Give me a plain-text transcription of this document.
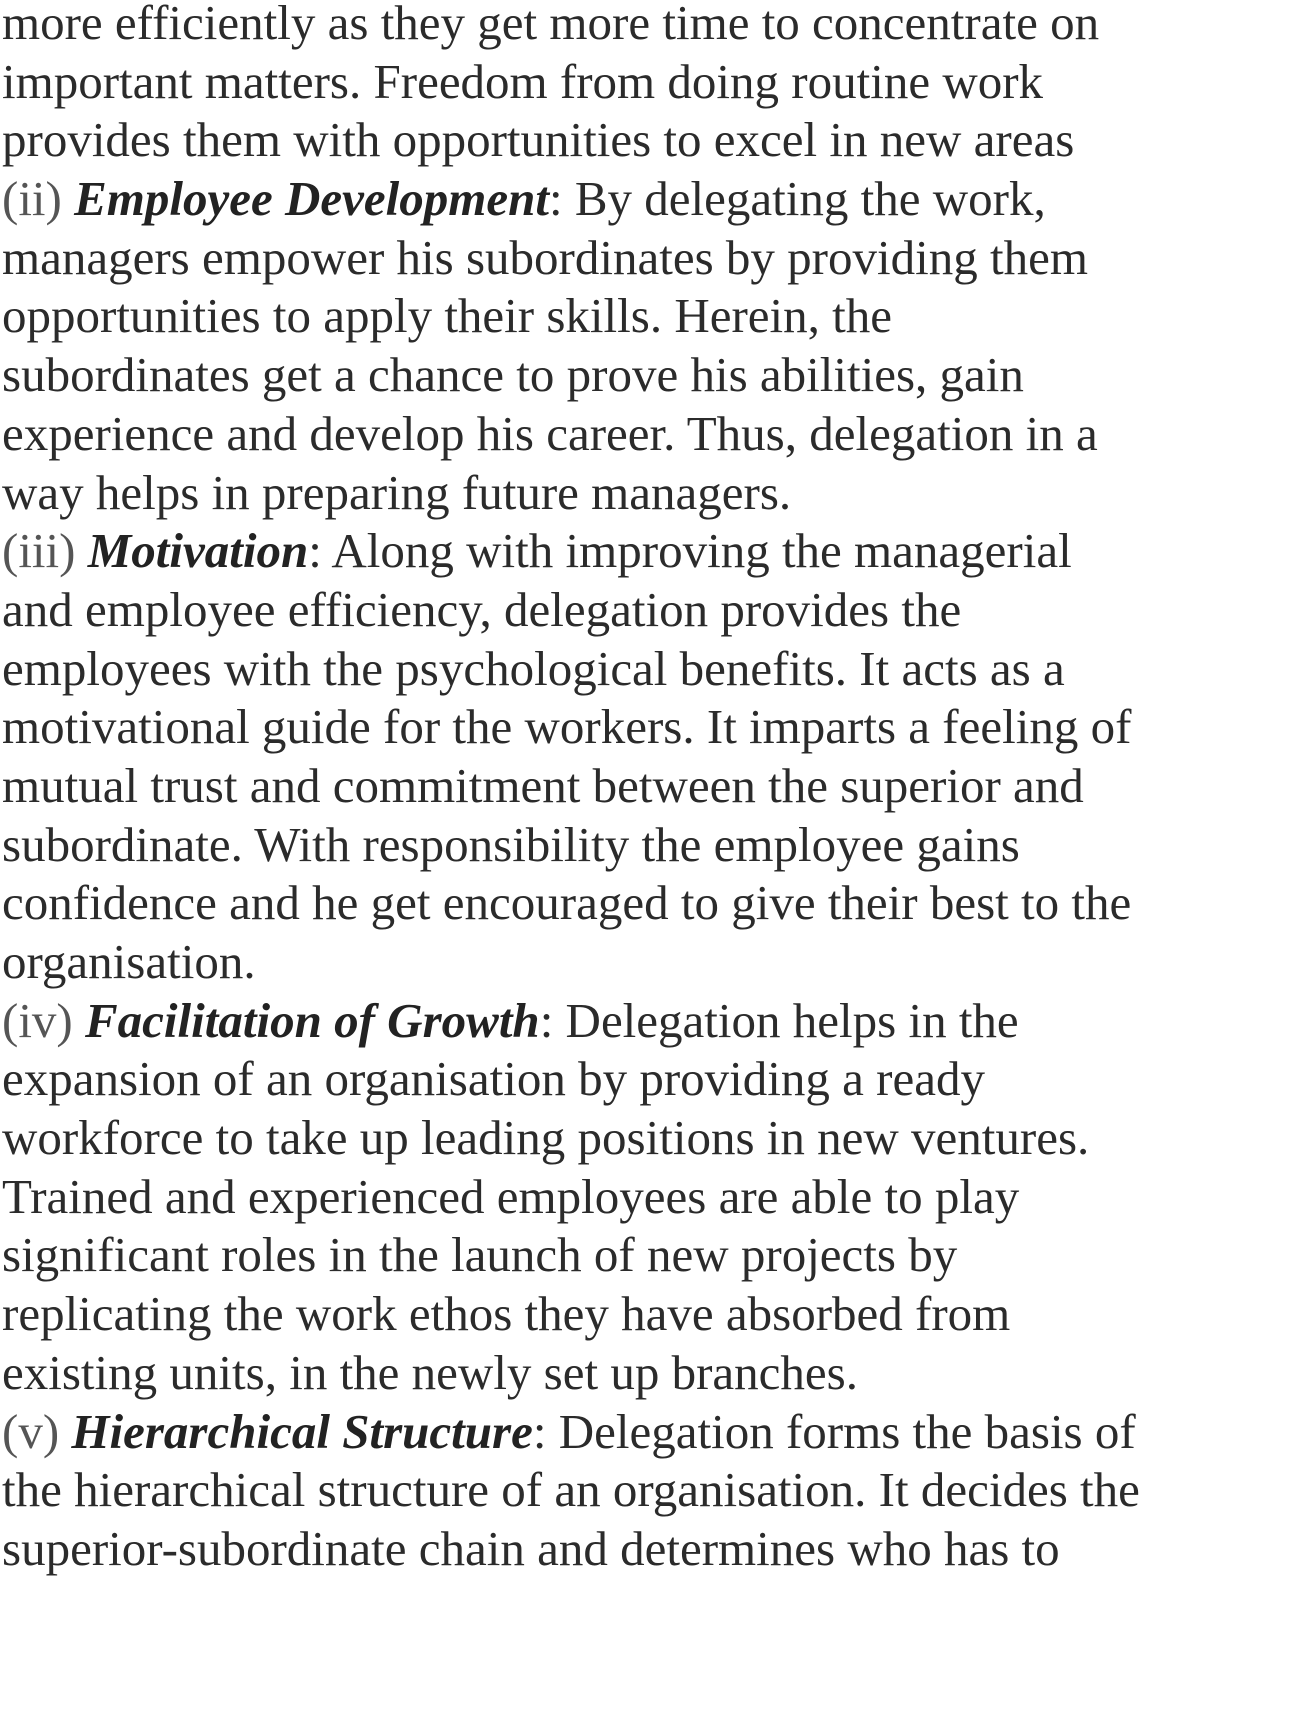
more efficiently as they get more time to concentrate on
important matters. Freedom from doing routine work
provides them with opportunities to excel in new areas
(ii) Employee Development: By delegating the work,
managers empower his subordinates by providing them
opportunities to apply their skills. Herein, the
subordinates get a chance to prove his abilities, gain
experience and develop his career. Thus, delegation in a
way helps in preparing future managers.
(iii) Motivation: Along with improving the managerial
and employee efficiency, delegation provides the
employees with the psychological benefits. It acts as a
motivational guide for the workers. It imparts a feeling of
mutual trust and commitment between the superior and
subordinate. With responsibility the employee gains
confidence and he get encouraged to give their best to the
organisation.
(iv) Facilitation of Growth: Delegation helps in the
expansion of an organisation by providing a ready
workforce to take up leading positions in new ventures.
Trained and experienced employees are able to play
significant roles in the launch of new projects by
replicating the work ethos they have absorbed from
existing units, in the newly set up branches.
(v) Hierarchical Structure: Delegation forms the basis of
the hierarchical structure of an organisation. It decides the
superior-subordinate chain and determines who has to
